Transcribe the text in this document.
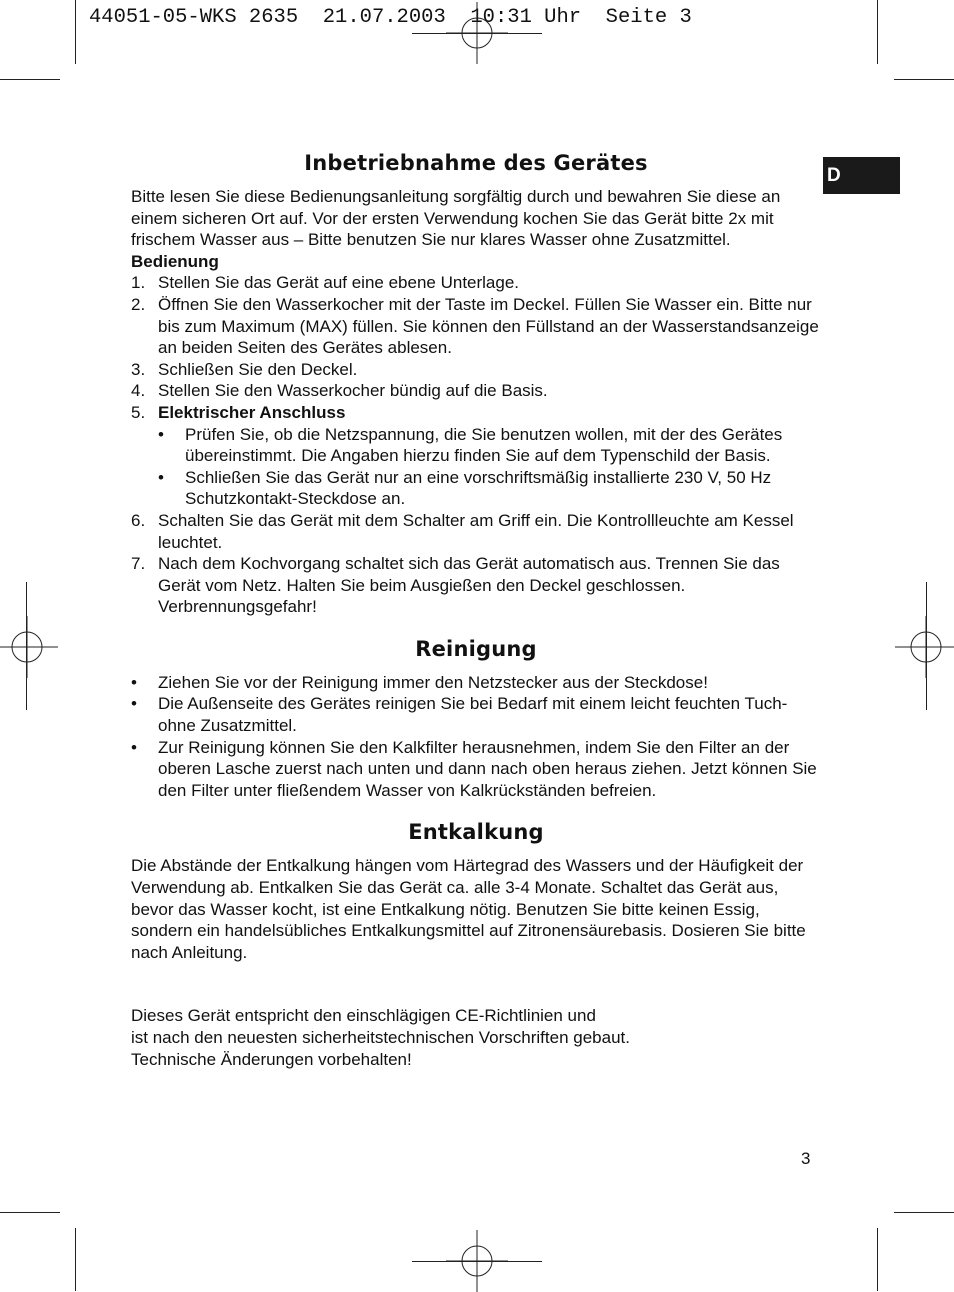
44051-05-WKS 2635  21.07.2003  10:31 Uhr  Seite 3
D
Inbetriebnahme des Gerätes

Bitte lesen Sie diese Bedienungsanleitung sorgfältig durch und bewahren Sie diese an einem sicheren Ort auf. Vor der ersten Verwendung kochen Sie das Gerät bitte 2x mit frischem Wasser aus – Bitte benutzen Sie nur klares Wasser ohne Zusatzmittel.

Bedienung

1. Stellen Sie das Gerät auf eine ebene Unterlage.
2. Öffnen Sie den Wasserkocher mit der Taste im Deckel. Füllen Sie Wasser ein. Bitte nur bis zum Maximum (MAX) füllen. Sie können den Füllstand an der Wasserstandsanzeige an beiden Seiten des Gerätes ablesen.
3. Schließen Sie den Deckel.
4. Stellen Sie den Wasserkocher bündig auf die Basis.
5. Elektrischer Anschluss
•	Prüfen Sie, ob die Netzspannung, die Sie benutzen wollen, mit der des Gerätes übereinstimmt. Die Angaben hierzu finden Sie auf dem Typenschild der Basis.
•	Schließen Sie das Gerät nur an eine vorschriftsmäßig installierte 230 V, 50 Hz Schutzkontakt-Steckdose an.
6. Schalten Sie das Gerät mit dem Schalter am Griff ein. Die Kontrollleuchte am Kessel leuchtet.
7. Nach dem Kochvorgang schaltet sich das Gerät automatisch aus. Trennen Sie das Gerät vom Netz. Halten Sie beim Ausgießen den Deckel geschlossen. Verbrennungsgefahr!
Reinigung
•	Ziehen Sie vor der Reinigung immer den Netzstecker aus der Steckdose!
•	Die Außenseite des Gerätes reinigen Sie bei Bedarf mit einem leicht feuchten Tuch- ohne Zusatzmittel.
•	Zur Reinigung können Sie den Kalkfilter herausnehmen, indem Sie den Filter an der oberen Lasche zuerst nach unten und dann nach oben heraus ziehen. Jetzt können Sie den Filter unter fließendem Wasser von Kalkrückständen befreien.
Entkalkung

Die Abstände der Entkalkung hängen vom Härtegrad des Wassers und der Häufigkeit der Verwendung ab. Entkalken Sie das Gerät ca. alle 3-4 Monate. Schaltet das Gerät aus, bevor das Wasser kocht, ist eine Entkalkung nötig. Benutzen Sie bitte keinen Essig, sondern ein handelsübliches Entkalkungsmittel auf Zitronensäurebasis. Dosieren Sie bitte nach Anleitung.

Dieses Gerät entspricht den einschlägigen CE-Richtlinien und

ist nach den neuesten sicherheitstechnischen Vorschriften gebaut.

Technische Änderungen vorbehalten!

3
